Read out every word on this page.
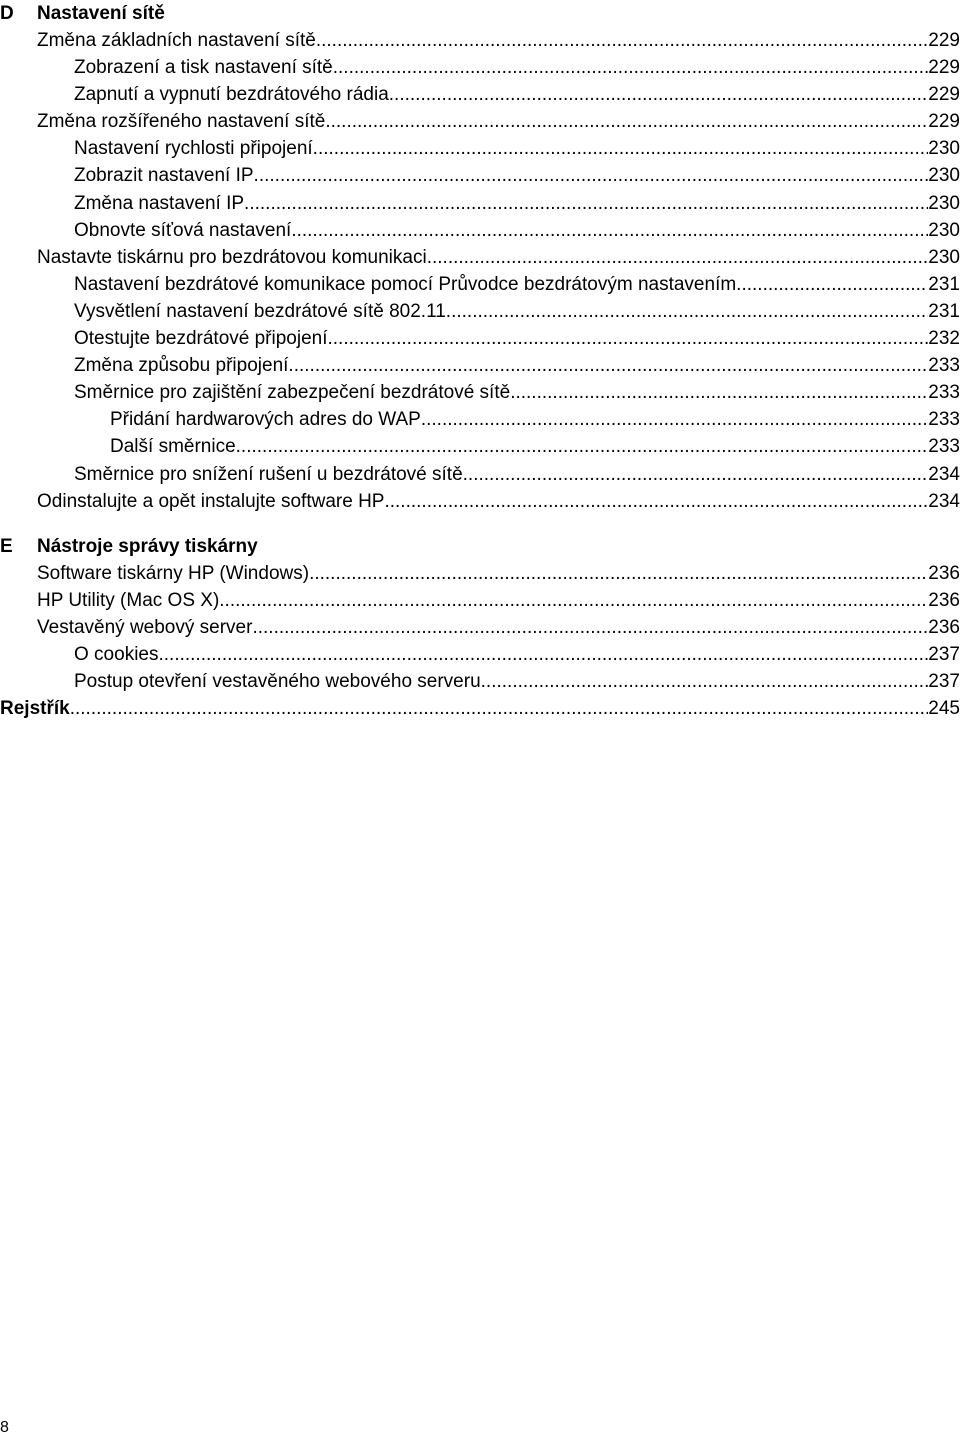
D Nastavení sítě
Změna základních nastavení sítě .....	229
Zobrazení a tisk nastavení sítě .....	229
Zapnutí a vypnutí bezdrátového rádia .....	229
Změna rozšířeného nastavení sítě .....	229
Nastavení rychlosti připojení .....	230
Zobrazit nastavení IP .....	230
Změna nastavení IP .....	230
Obnovte síťová nastavení .....	230
Nastavte tiskárnu pro bezdrátovou komunikaci .....	230
Nastavení bezdrátové komunikace pomocí Průvodce bezdrátovým nastavením .....	231
Vysvětlení nastavení bezdrátové sítě 802.11 .....	231
Otestujte bezdrátové připojení .....	232
Změna způsobu připojení .....	233
Směrnice pro zajištění zabezpečení bezdrátové sítě .....	233
Přidání hardwarových adres do WAP .....	233
Další směrnice .....	233
Směrnice pro snížení rušení u bezdrátové sítě .....	234
Odinstalujte a opět instalujte software HP .....	234
E Nástroje správy tiskárny
Software tiskárny HP (Windows) .....	236
HP Utility (Mac OS X) .....	236
Vestavěný webový server .....	236
O cookies .....	237
Postup otevření vestavěného webového serveru .....	237
Rejstřík .....	245
8
